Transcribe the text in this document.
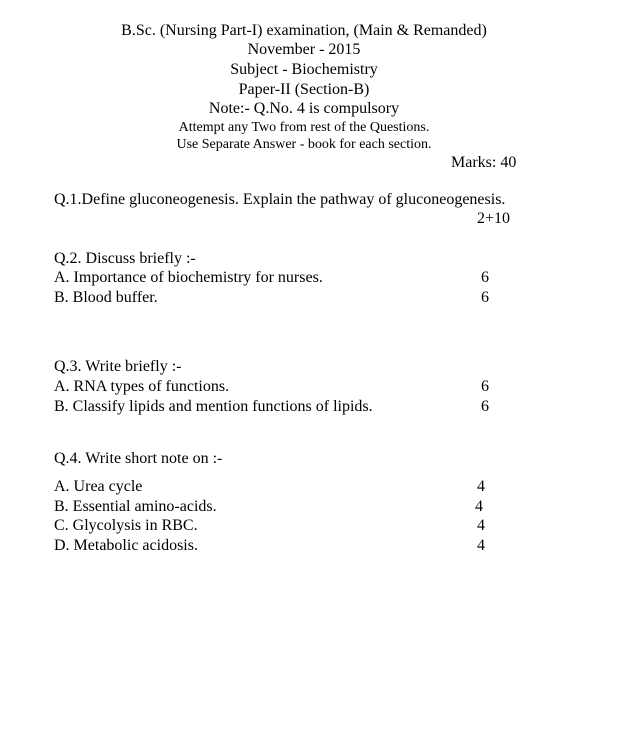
B.Sc. (Nursing Part-I) examination, (Main & Remanded)
November - 2015
Subject - Biochemistry
Paper-II (Section-B)
Note:- Q.No. 4 is compulsory
Attempt any Two from rest of the Questions.
Use Separate Answer - book for each section.
Marks: 40
Q.1.Define gluconeogenesis. Explain the pathway of gluconeogenesis.
2+10
Q.2. Discuss briefly :-
A. Importance of biochemistry for nurses.	6
B. Blood buffer.	6
Q.3. Write briefly :-
A. RNA types of functions.	6
B. Classify lipids and mention functions of lipids.	6
Q.4. Write short note on :-
A. Urea cycle	4
B. Essential amino-acids.	4
C. Glycolysis in RBC.	4
D. Metabolic acidosis.	4
